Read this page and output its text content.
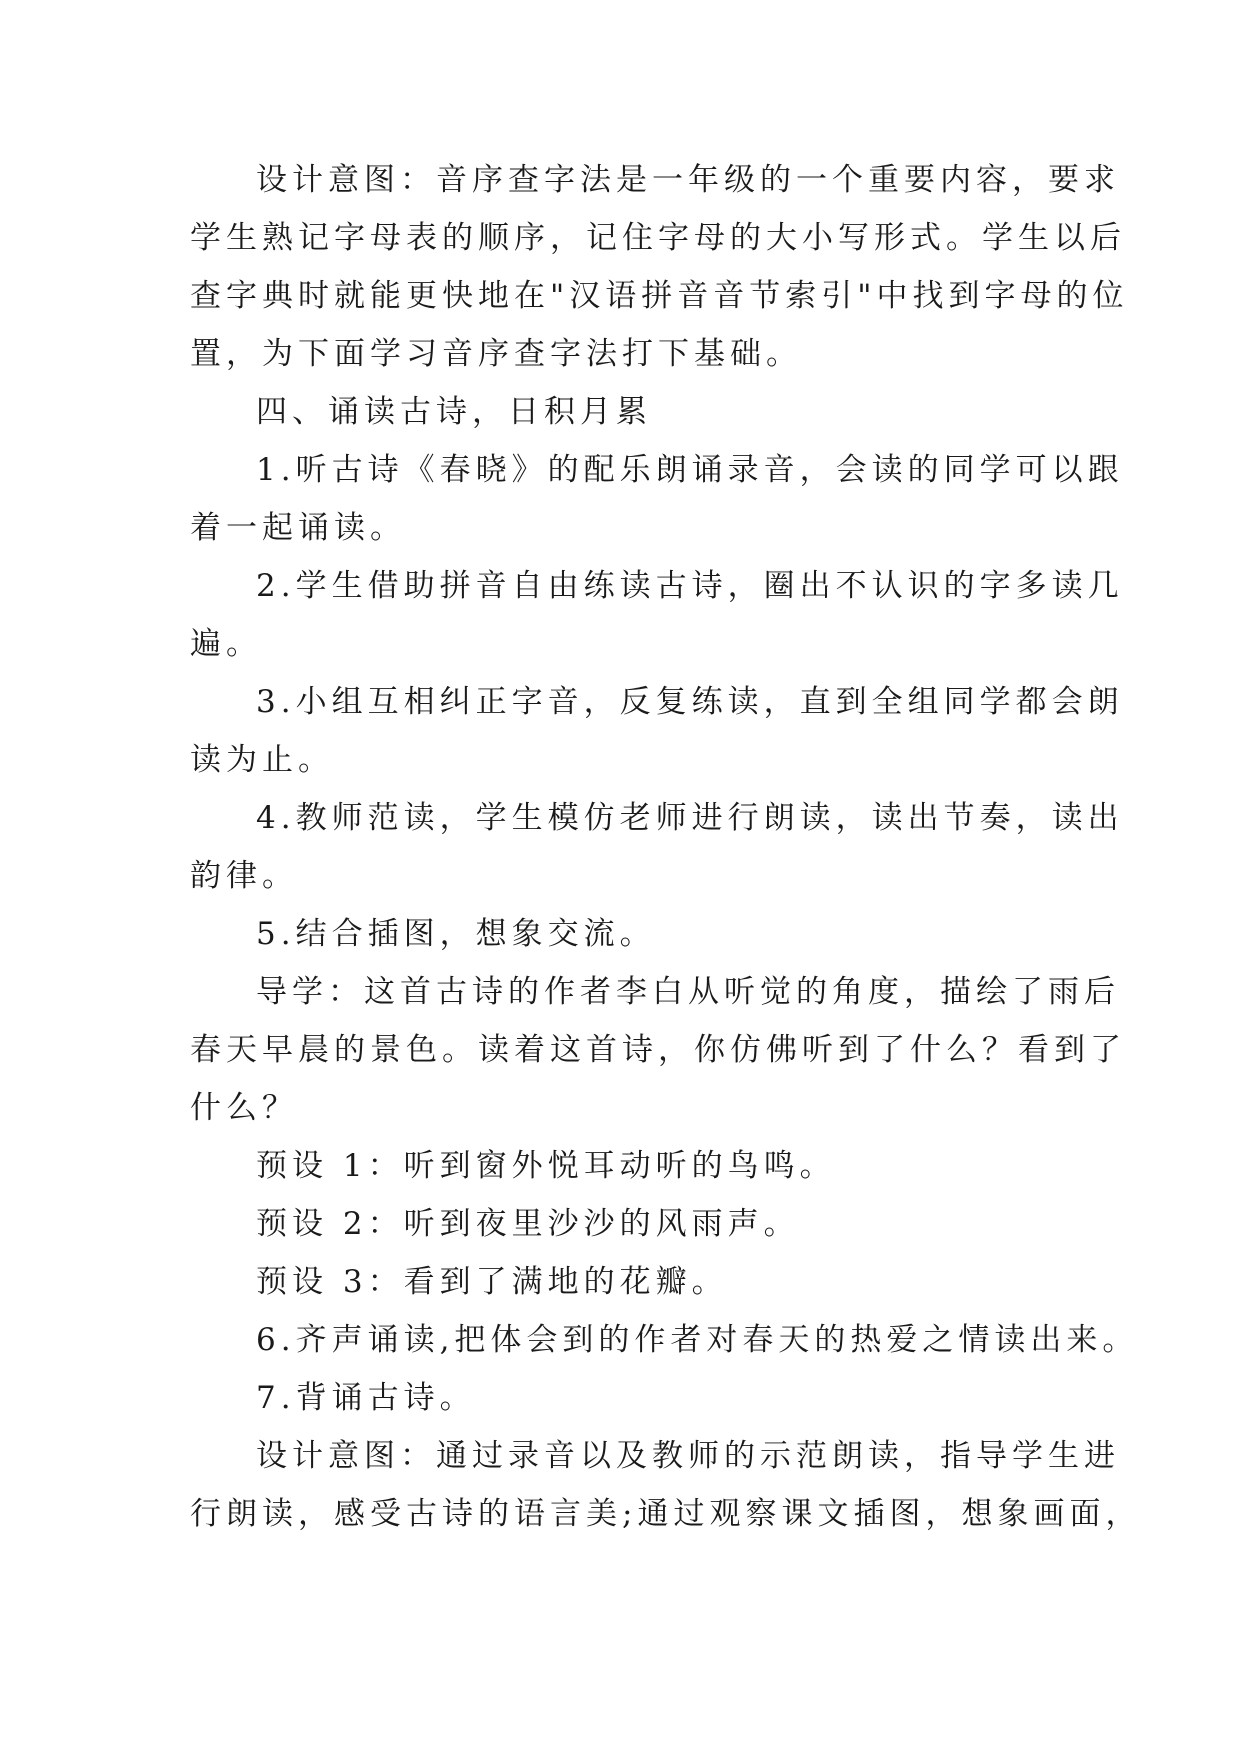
设计意图：音序查字法是一年级的一个重要内容，要求
学生熟记字母表的顺序，记住字母的大小写形式。学生以后
查字典时就能更快地在"汉语拼音音节索引"中找到字母的位
置，为下面学习音序查字法打下基础。
四、诵读古诗，日积月累
1.听古诗《春晓》的配乐朗诵录音，会读的同学可以跟
着一起诵读。
2.学生借助拼音自由练读古诗，圈出不认识的字多读几
遍。
3.小组互相纠正字音，反复练读，直到全组同学都会朗
读为止。
4.教师范读，学生模仿老师进行朗读，读出节奏，读出
韵律。
5.结合插图，想象交流。
导学：这首古诗的作者李白从听觉的角度，描绘了雨后
春天早晨的景色。读着这首诗，你仿佛听到了什么？看到了
什么？
预设 1：听到窗外悦耳动听的鸟鸣。
预设 2：听到夜里沙沙的风雨声。
预设 3：看到了满地的花瓣。
6.齐声诵读,把体会到的作者对春天的热爱之情读出来。
7.背诵古诗。
设计意图：通过录音以及教师的示范朗读，指导学生进
行朗读，感受古诗的语言美;通过观察课文插图，想象画面，
